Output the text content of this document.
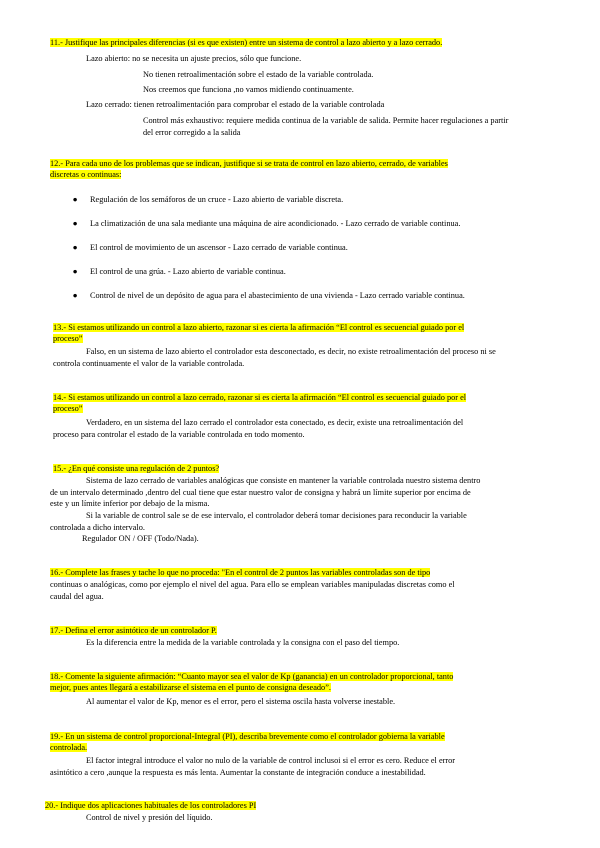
11.- Justifique las principales diferencias (si es que existen) entre un sistema de control a lazo abierto y a lazo cerrado.
Lazo abierto: no se necesita un ajuste precios, sólo que funcione.
No tienen retroalimentación sobre el estado de la variable controlada.
Nos creemos que funciona ,no vamos midiendo continuamente.
Lazo cerrado: tienen retroalimentación para comprobar el estado de la variable controlada
Control más exhaustivo: requiere medida continua de la variable de salida. Permite hacer regulaciones a partir
del error corregido a la salida
12.- Para cada uno de los problemas que se indican, justifique si se trata de control en lazo abierto, cerrado, de variables
discretas o continuas:
●	Regulación de los semáforos de un cruce - Lazo abierto de variable discreta.
●	La climatización de una sala mediante una máquina de aire acondicionado. - Lazo cerrado de variable continua.
●	El control de movimiento de un ascensor - Lazo cerrado de variable continua.
●	El control de una grúa. - Lazo abierto de variable continua.
●	Control de nivel de un depósito de agua para el abastecimiento de una vivienda - Lazo cerrado variable continua.
13.- Si estamos utilizando un control a lazo abierto, razonar si es cierta la afirmación “El control es secuencial guiado por el
proceso”
Falso, en un sistema de lazo abierto el controlador esta desconectado, es decir, no existe retroalimentación del proceso ni se
controla continuamente el valor de la variable controlada.
14.- Si estamos utilizando un control a lazo cerrado, razonar si es cierta la afirmación “El control es secuencial guiado por el
proceso”
Verdadero, en un sistema del lazo cerrado el controlador esta conectado, es decir, existe una retroalimentación del
proceso para controlar el estado de la variable controlada en todo momento.
15.- ¿En qué consiste una regulación de 2 puntos?
Sistema de lazo cerrado de variables analógicas que consiste en mantener la variable controlada nuestro sistema dentro
de un intervalo determinado ,dentro del cual tiene que estar nuestro valor de consigna y habrá un límite superior por encima de
este y un límite inferior por debajo de la misma.
Si la variable de control sale se de ese intervalo, el controlador deberá tomar decisiones para reconducir la variable
controlada a dicho intervalo.
Regulador ON / OFF (Todo/Nada).
16.- Complete las frases y tache lo que no proceda: "En el control de 2 puntos las variables controladas son de tipo
continuas o analógicas, como por ejemplo el nivel del agua. Para ello se emplean variables manipuladas discretas como el
caudal del agua.
17.- Defina el error asintótico de un controlador P.
Es la diferencia entre la medida de la variable controlada y la consigna con el paso del tiempo.
18.- Comente la siguiente afirmación: “Cuanto mayor sea el valor de Kp (ganancia) en un controlador proporcional, tanto
mejor, pues antes llegará a estabilizarse el sistema en el punto de consigna deseado”.
Al aumentar el valor de Kp, menor es el error, pero el sistema oscila hasta volverse inestable.
19.- En un sistema de control proporcional-Integral (PI), describa brevemente como el controlador gobierna la variable
controlada.
El factor integral introduce el valor no nulo de la variable de control inclusoi si el error es cero. Reduce el error
asintótico a cero ,aunque la respuesta es más lenta. Aumentar la constante de integración conduce a inestabilidad.
20.- Indique dos aplicaciones habituales de los controladores PI
Control de nivel y presión del líquido.
